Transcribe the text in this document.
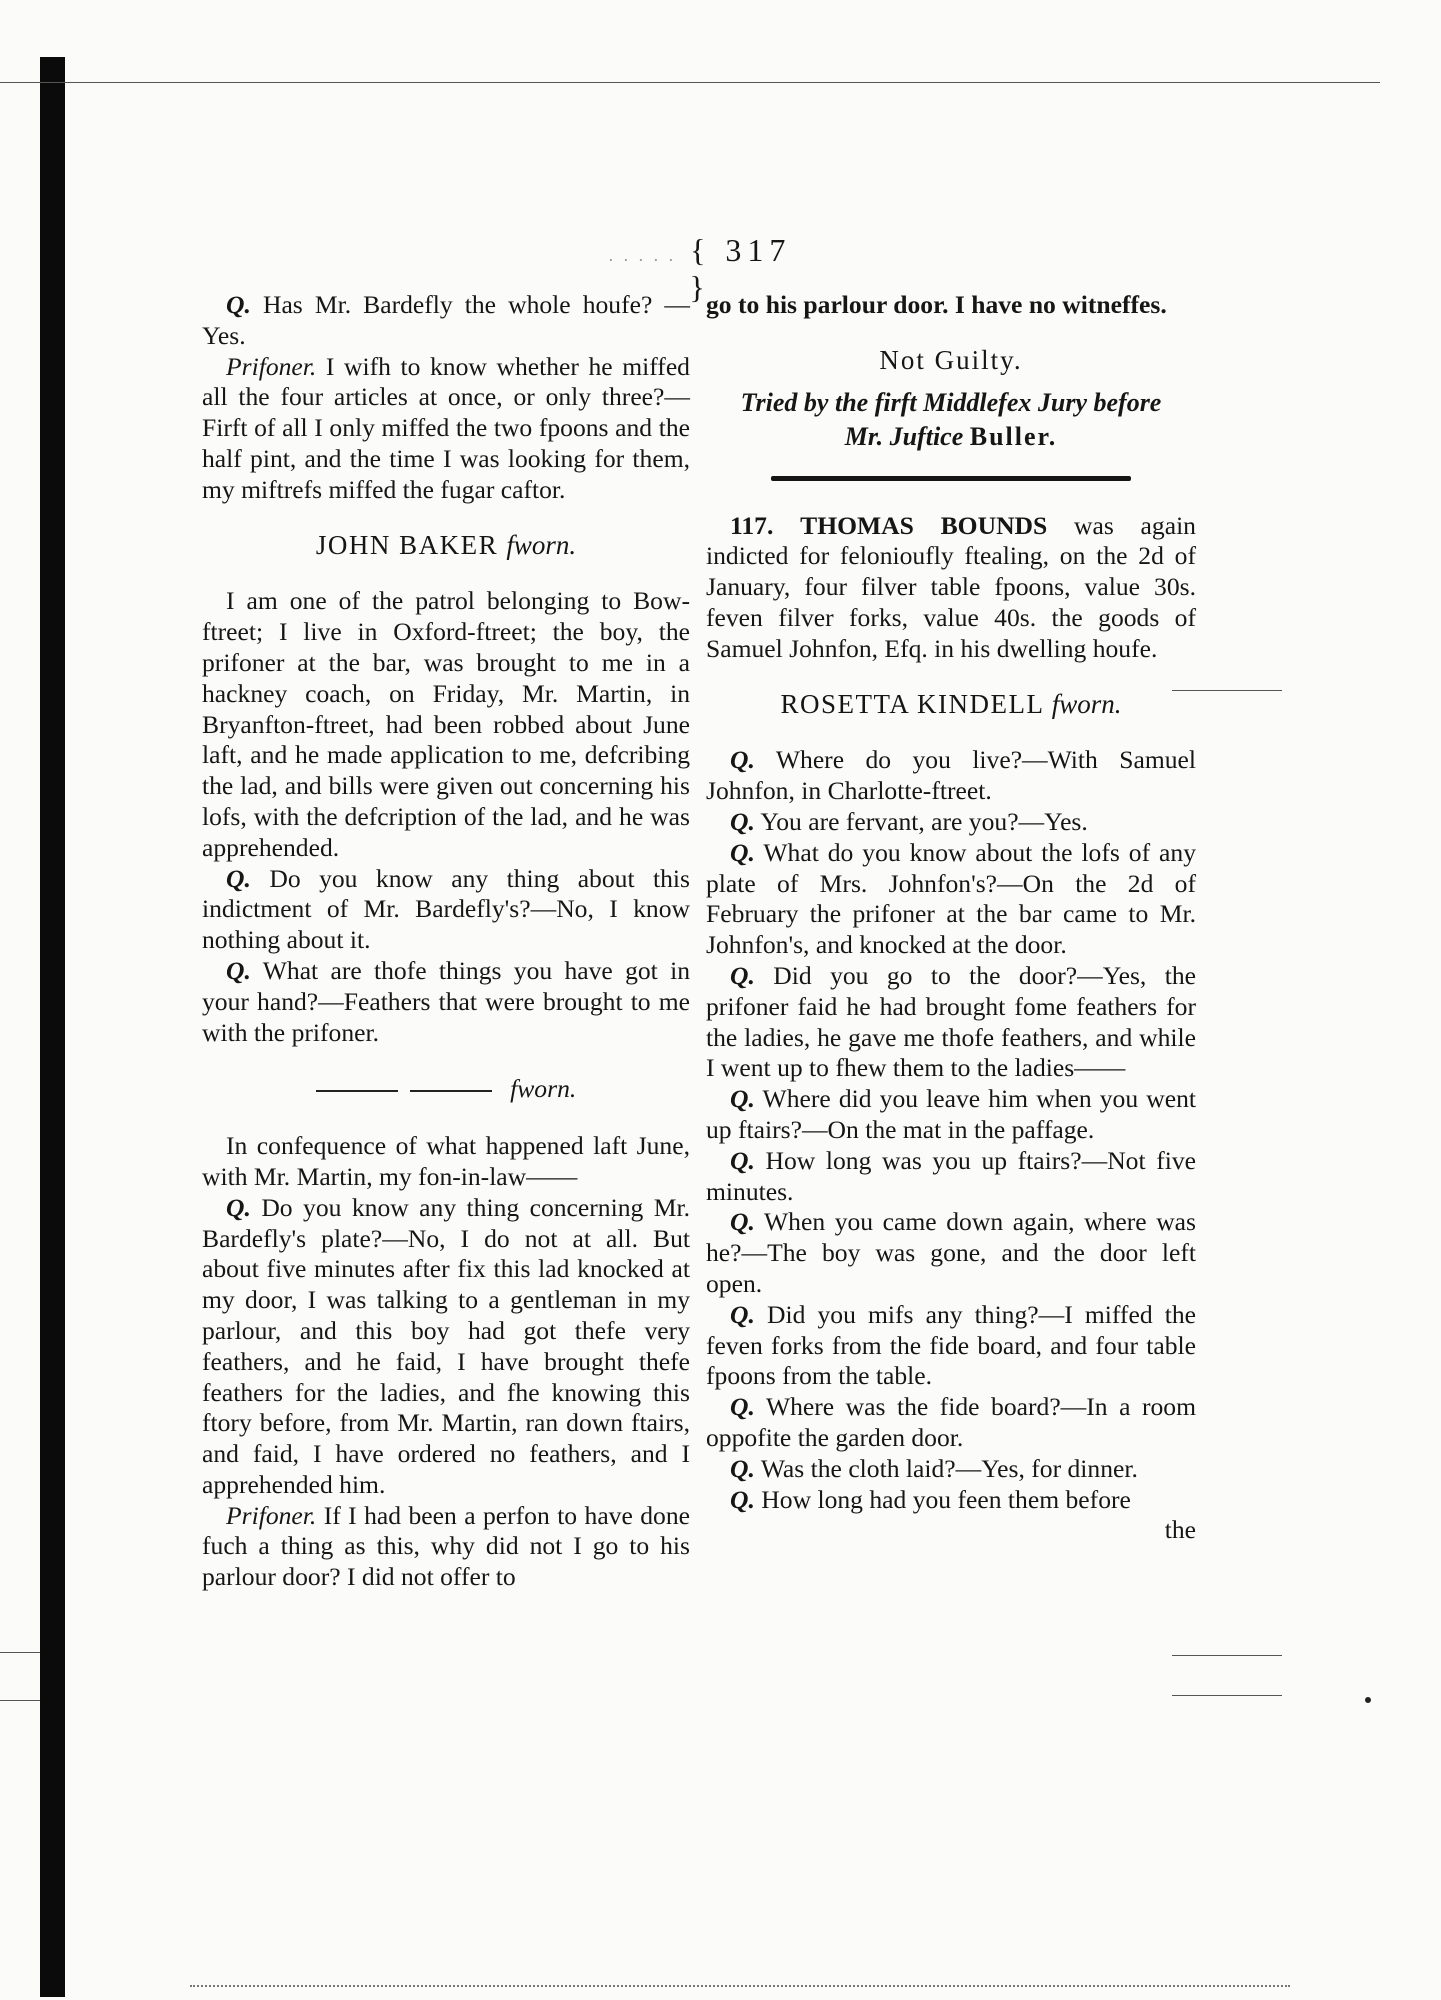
. . . . . { 317 }

Q. Has Mr. Bardefly the whole houfe? —Yes.

Prifoner. I wifh to know whether he miffed all the four articles at once, or only three?—Firft of all I only miffed the two fpoons and the half pint, and the time I was looking for them, my miftrefs miffed the fugar caftor.

JOHN BAKER fworn.

I am one of the patrol belonging to Bow-ftreet; I live in Oxford-ftreet; the boy, the prifoner at the bar, was brought to me in a hackney coach, on Friday, Mr. Martin, in Bryanfton-ftreet, had been robbed about June laft, and he made application to me, defcribing the lad, and bills were given out concerning his lofs, with the defcription of the lad, and he was apprehended.

Q. Do you know any thing about this indictment of Mr. Bardefly's?—No, I know nothing about it.

Q. What are thofe things you have got in your hand?—Feathers that were brought to me with the prifoner.

fworn.

In confequence of what happened laft June, with Mr. Martin, my fon-in-law——

Q. Do you know any thing concerning Mr. Bardefly's plate?—No, I do not at all. But about five minutes after fix this lad knocked at my door, I was talking to a gentleman in my parlour, and this boy had got thefe very feathers, and he faid, I have brought thefe feathers for the ladies, and fhe knowing this ftory before, from Mr. Martin, ran down ftairs, and faid, I have ordered no feathers, and I apprehended him.

Prifoner. If I had been a perfon to have done fuch a thing as this, why did not I go to his parlour door? I did not offer to

go to his parlour door. I have no witneffes.

Not Guilty.

Tried by the firft Middlefex Jury before
Mr. Juftice Buller.

117. THOMAS BOUNDS was again indicted for felonioufly ftealing, on the 2d of January, four filver table fpoons, value 30s. feven filver forks, value 40s. the goods of Samuel Johnfon, Efq. in his dwelling houfe.

ROSETTA KINDELL fworn.

Q. Where do you live?—With Samuel Johnfon, in Charlotte-ftreet.

Q. You are fervant, are you?—Yes.

Q. What do you know about the lofs of any plate of Mrs. Johnfon's?—On the 2d of February the prifoner at the bar came to Mr. Johnfon's, and knocked at the door.

Q. Did you go to the door?—Yes, the prifoner faid he had brought fome feathers for the ladies, he gave me thofe feathers, and while I went up to fhew them to the ladies——

Q. Where did you leave him when you went up ftairs?—On the mat in the paffage.

Q. How long was you up ftairs?—Not five minutes.

Q. When you came down again, where was he?—The boy was gone, and the door left open.

Q. Did you mifs any thing?—I miffed the feven forks from the fide board, and four table fpoons from the table.

Q. Where was the fide board?—In a room oppofite the garden door.

Q. Was the cloth laid?—Yes, for dinner.

Q. How long had you feen them before

the
